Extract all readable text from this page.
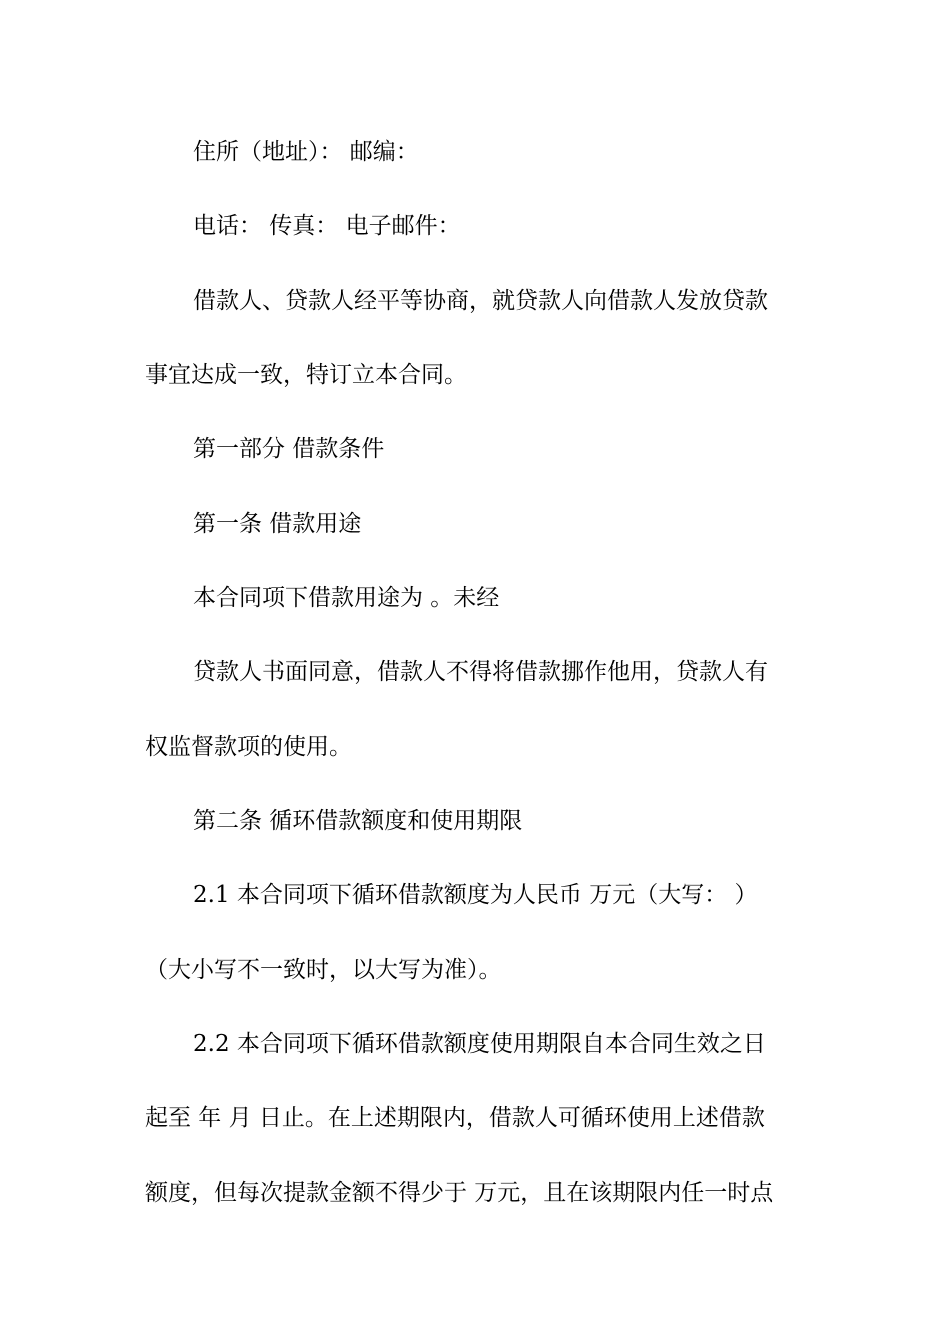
住所（地址）： 邮编：
电话： 传真： 电子邮件：
借款人、贷款人经平等协商，就贷款人向借款人发放贷款
事宜达成一致，特订立本合同。
第一部分 借款条件
第一条 借款用途
本合同项下借款用途为 。未经
贷款人书面同意，借款人不得将借款挪作他用，贷款人有
权监督款项的使用。
第二条 循环借款额度和使用期限
2.1 本合同项下循环借款额度为人民币 万元（大写： ）
（大小写不一致时，以大写为准）。
2.2 本合同项下循环借款额度使用期限自本合同生效之日
起至 年 月 日止。在上述期限内，借款人可循环使用上述借款
额度，但每次提款金额不得少于 万元，且在该期限内任一时点
